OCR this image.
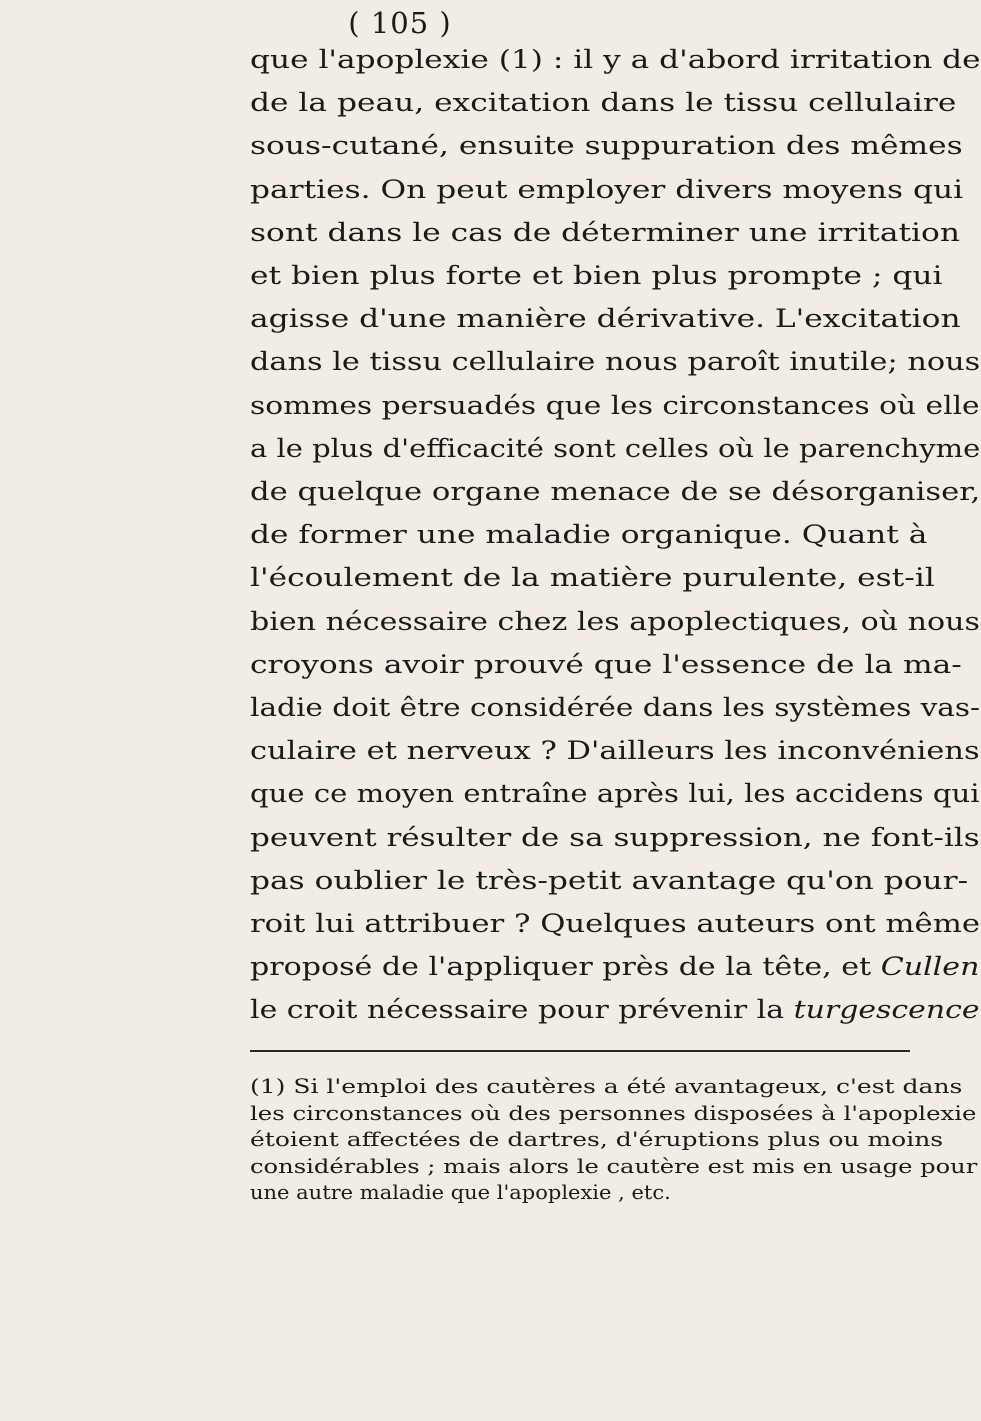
( 105 )
que l'apoplexie (1) : il y a d'abord irritation de
de la peau, excitation dans le tissu cellulaire
sous-cutané, ensuite suppuration des mêmes
parties. On peut employer divers moyens qui
sont dans le cas de déterminer une irritation
et bien plus forte et bien plus prompte ; qui
agisse d'une manière dérivative. L'excitation
dans le tissu cellulaire nous paroît inutile; nous
sommes persuadés que les circonstances où elle
a le plus d'efficacité sont celles où le parenchyme
de quelque organe menace de se désorganiser,
de former une maladie organique. Quant à
l'écoulement de la matière purulente, est-il
bien nécessaire chez les apoplectiques, où nous
croyons avoir prouvé que l'essence de la ma-
ladie doit être considérée dans les systèmes vas-
culaire et nerveux ? D'ailleurs les inconvéniens
que ce moyen entraîne après lui, les accidens qui
peuvent résulter de sa suppression, ne font-ils
pas oublier le très-petit avantage qu'on pour-
roit lui attribuer ? Quelques auteurs ont même
proposé de l'appliquer près de la tête, et Cullen
le croit nécessaire pour prévenir la turgescence
(1) Si l'emploi des cautères a été avantageux, c'est dans
les circonstances où des personnes disposées à l'apoplexie
étoient affectées de dartres, d'éruptions plus ou moins
considérables ; mais alors le cautère est mis en usage pour
une autre maladie que l'apoplexie , etc.
